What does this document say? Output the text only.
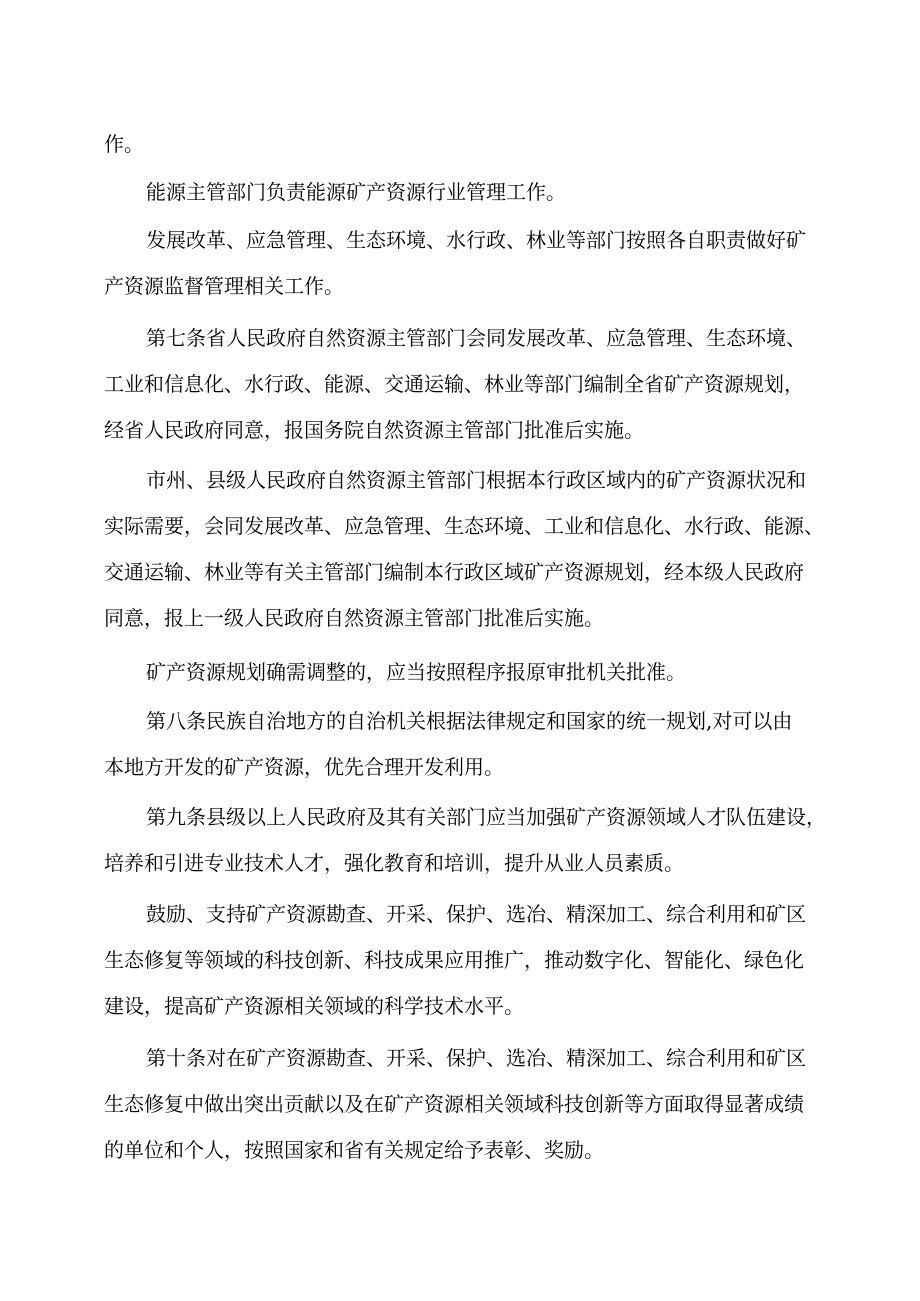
作。
能源主管部门负责能源矿产资源行业管理工作。
发展改革、应急管理、生态环境、水行政、林业等部门按照各自职责做好矿
产资源监督管理相关工作。
第七条省人民政府自然资源主管部门会同发展改革、应急管理、生态环境、
工业和信息化、水行政、能源、交通运输、林业等部门编制全省矿产资源规划，
经省人民政府同意，报国务院自然资源主管部门批准后实施。
市州、县级人民政府自然资源主管部门根据本行政区域内的矿产资源状况和
实际需要，会同发展改革、应急管理、生态环境、工业和信息化、水行政、能源、
交通运输、林业等有关主管部门编制本行政区域矿产资源规划，经本级人民政府
同意，报上一级人民政府自然资源主管部门批准后实施。
矿产资源规划确需调整的，应当按照程序报原审批机关批准。
第八条民族自治地方的自治机关根据法律规定和国家的统一规划,对可以由
本地方开发的矿产资源，优先合理开发利用。
第九条县级以上人民政府及其有关部门应当加强矿产资源领域人才队伍建设，
培养和引进专业技术人才，强化教育和培训，提升从业人员素质。
鼓励、支持矿产资源勘查、开采、保护、选冶、精深加工、综合利用和矿区
生态修复等领域的科技创新、科技成果应用推广，推动数字化、智能化、绿色化
建设，提高矿产资源相关领域的科学技术水平。
第十条对在矿产资源勘查、开采、保护、选冶、精深加工、综合利用和矿区
生态修复中做出突出贡献以及在矿产资源相关领域科技创新等方面取得显著成绩
的单位和个人，按照国家和省有关规定给予表彰、奖励。
